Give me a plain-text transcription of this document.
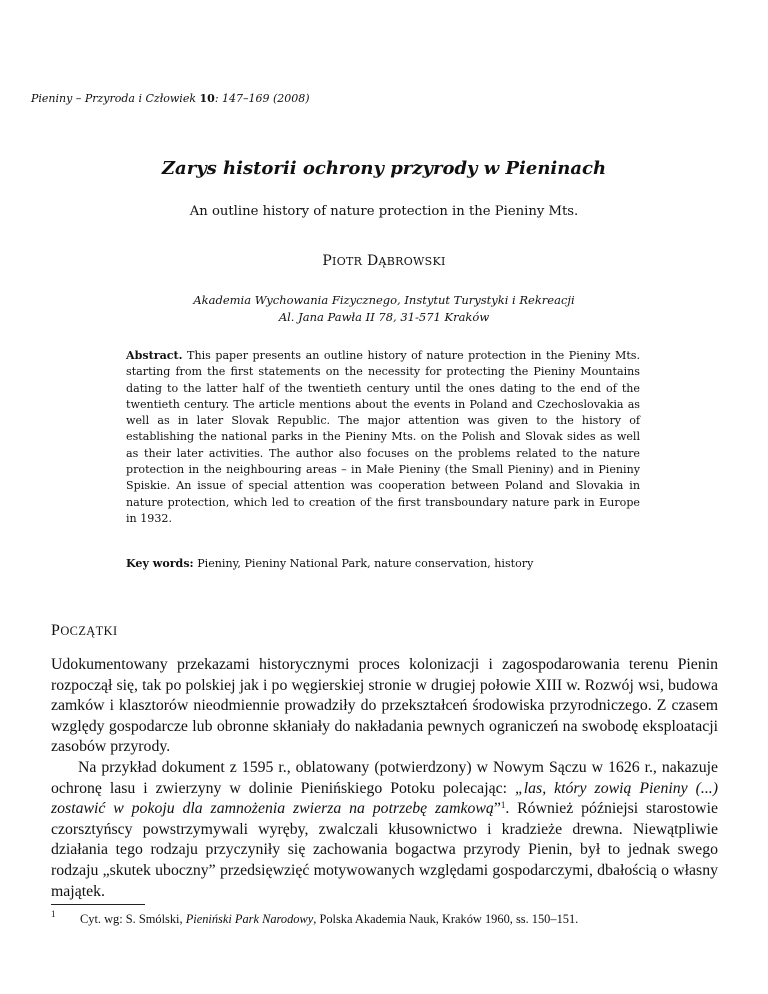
Pieniny – Przyroda i Człowiek 10: 147–169 (2008)
Zarys historii ochrony przyrody w Pieninach
An outline history of nature protection in the Pieniny Mts.
PIOTR DĄBROWSKI
Akademia Wychowania Fizycznego, Instytut Turystyki i Rekreacji
Al. Jana Pawła II 78, 31-571 Kraków
Abstract. This paper presents an outline history of nature protection in the Pieniny Mts. starting from the first statements on the necessity for protecting the Pieniny Mountains dating to the latter half of the twentieth century until the ones dating to the end of the twentieth century. The article mentions about the events in Poland and Czechoslovakia as well as in later Slovak Republic. The major attention was given to the history of establishing the national parks in the Pieniny Mts. on the Polish and Slovak sides as well as their later activities. The author also focuses on the problems related to the nature protection in the neighbouring areas – in Małe Pieniny (the Small Pieniny) and in Pieniny Spiskie. An issue of special attention was cooperation between Poland and Slovakia in nature protection, which led to creation of the first transboundary nature park in Europe in 1932.
Key words: Pieniny, Pieniny National Park, nature conservation, history
POCZĄTKI

Udokumentowany przekazami historycznymi proces kolonizacji i zagospodarowania terenu Pienin rozpoczął się, tak po polskiej jak i po węgierskiej stronie w drugiej połowie XIII w. Rozwój wsi, budowa zamków i klasztorów nieodmiennie prowadziły do przekształceń środowiska przyrodniczego. Z czasem względy gospodarcze lub obronne skłaniały do nakładania pewnych ograniczeń na swobodę eksploatacji zasobów przyrody.

Na przykład dokument z 1595 r., oblatowany (potwierdzony) w Nowym Sączu w 1626 r., nakazuje ochronę lasu i zwierzyny w dolinie Pienińskiego Potoku polecając: „las, który zowią Pieniny (...) zostawić w pokoju dla zamnożenia zwierza na potrzebę zamkową”$^1$. Również późniejsi starostowie czorsztyńscy powstrzymywali wyręby, zwalczali kłusownictwo i kradzieże drewna. Niewątpliwie działania tego rodzaju przyczyniły się zachowania bogactwa przyrody Pienin, był to jednak swego rodzaju „skutek uboczny” przedsięwzięć motywowanych względami gospodarczymi, dbałością o własny majątek.

1 Cyt. wg: S. Smólski, Pieniński Park Narodowy, Polska Akademia Nauk, Kraków 1960, ss. 150–151.
